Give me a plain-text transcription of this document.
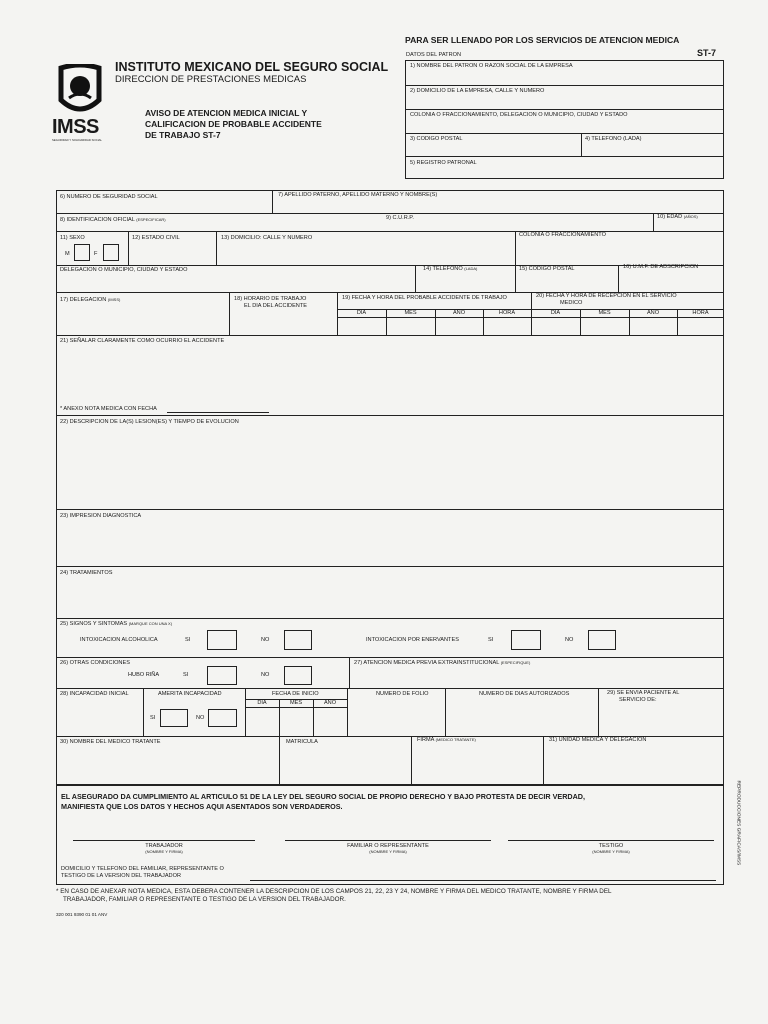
IMSS
SEGURIDAD Y SOLIDARIDAD SOCIAL
INSTITUTO MEXICANO DEL SEGURO SOCIAL
DIRECCION DE PRESTACIONES MEDICAS
AVISO DE ATENCION MEDICA INICIAL Y
CALIFICACION DE PROBABLE ACCIDENTE
DE TRABAJO ST-7
PARA SER LLENADO POR LOS SERVICIOS DE ATENCION MEDICA
DATOS DEL PATRON	ST-7
1) NOMBRE DEL PATRON O RAZON SOCIAL DE LA EMPRESA
2) DOMICILIO DE LA EMPRESA, CALLE Y NUMERO
COLONIA O FRACCIONAMIENTO, DELEGACION O MUNICIPIO, CIUDAD Y ESTADO
3) CODIGO POSTAL	4) TELEFONO (LADA)
5) REGISTRO PATRONAL
6) NUMERO DE SEGURIDAD SOCIAL	7) APELLIDO PATERNO, APELLIDO MATERNO Y NOMBRE(S)
8) IDENTIFICACION OFICIAL (ESPECIFICAR)	9) C.U.R.P.	10) EDAD (AÑOS)
11) SEXO
M	F
12) ESTADO CIVIL	13) DOMICILIO: CALLE Y NUMERO	COLONIA O FRACCIONAMIENTO
DELEGACION O MUNICIPIO, CIUDAD Y ESTADO	14) TELEFONO (LADA)	15) CODIGO POSTAL	16) U.M.F. DE ADSCRIPCION
17) DELEGACION (IMSS)	18) HORARIO DE TRABAJO
EL DIA DEL ACCIDENTE
19) FECHA Y HORA DEL PROBABLE ACCIDENTE DE TRABAJO	20) FECHA Y HORA DE RECEPCION EN EL SERVICIO
MEDICO
DIA	MES	AÑO	HORA	DIA	MES	AÑO	HORA
21) SEÑALAR CLARAMENTE COMO OCURRIO EL ACCIDENTE
* ANEXO NOTA MEDICA CON FECHA
22) DESCRIPCION DE LA(S) LESION(ES) Y TIEMPO DE EVOLUCION
23) IMPRESION DIAGNOSTICA
24) TRATAMIENTOS
25) SIGNOS Y SINTOMAS (MARQUE CON UNA X)
INTOXICACION ALCOHOLICA	SI	NO	INTOXICACION POR ENERVANTES	SI	NO
26) OTRAS CONDICIONES
HUBO RIÑA	SI	NO
27) ATENCION MEDICA PREVIA EXTRAINSTITUCIONAL (ESPECIFIQUE)
28) INCAPACIDAD INICIAL	AMERITA INCAPACIDAD
SI	NO
FECHA DE INICIO
DIA	MES	AÑO
NUMERO DE FOLIO	NUMERO DE DIAS AUTORIZADOS	29) SE ENVIA PACIENTE AL
SERVICIO DE:
30) NOMBRE DEL MEDICO TRATANTE	MATRICULA	FIRMA (MEDICO TRATANTE)	31) UNIDAD MEDICA Y DELEGACION
EL ASEGURADO DA CUMPLIMIENTO AL ARTICULO 51 DE LA LEY DEL SEGURO SOCIAL DE PROPIO DERECHO Y BAJO PROTESTA DE DECIR VERDAD,
MANIFIESTA QUE LOS DATOS Y HECHOS AQUI ASENTADOS SON VERDADEROS.
TRABAJADOR
(NOMBRE Y FIRMA)
FAMILIAR O REPRESENTANTE
(NOMBRE Y FIRMA)
TESTIGO
(NOMBRE Y FIRMA)
DOMICILIO Y TELEFONO DEL FAMILIAR, REPRESENTANTE O
TESTIGO DE LA VERSION DEL TRABAJADOR
* EN CASO DE ANEXAR NOTA MEDICA, ESTA DEBERA CONTENER LA DESCRIPCION DE LOS CAMPOS 21, 22, 23 Y 24, NOMBRE Y FIRMA DEL MEDICO TRATANTE, NOMBRE Y FIRMA DEL
TRABAJADOR, FAMILIAR O REPRESENTANTE O TESTIGO DE LA VERSION DEL TRABAJADOR.
320 001 9390 01 01 ANV
REPRODUCCIONES GRAFICAS/IMSS
